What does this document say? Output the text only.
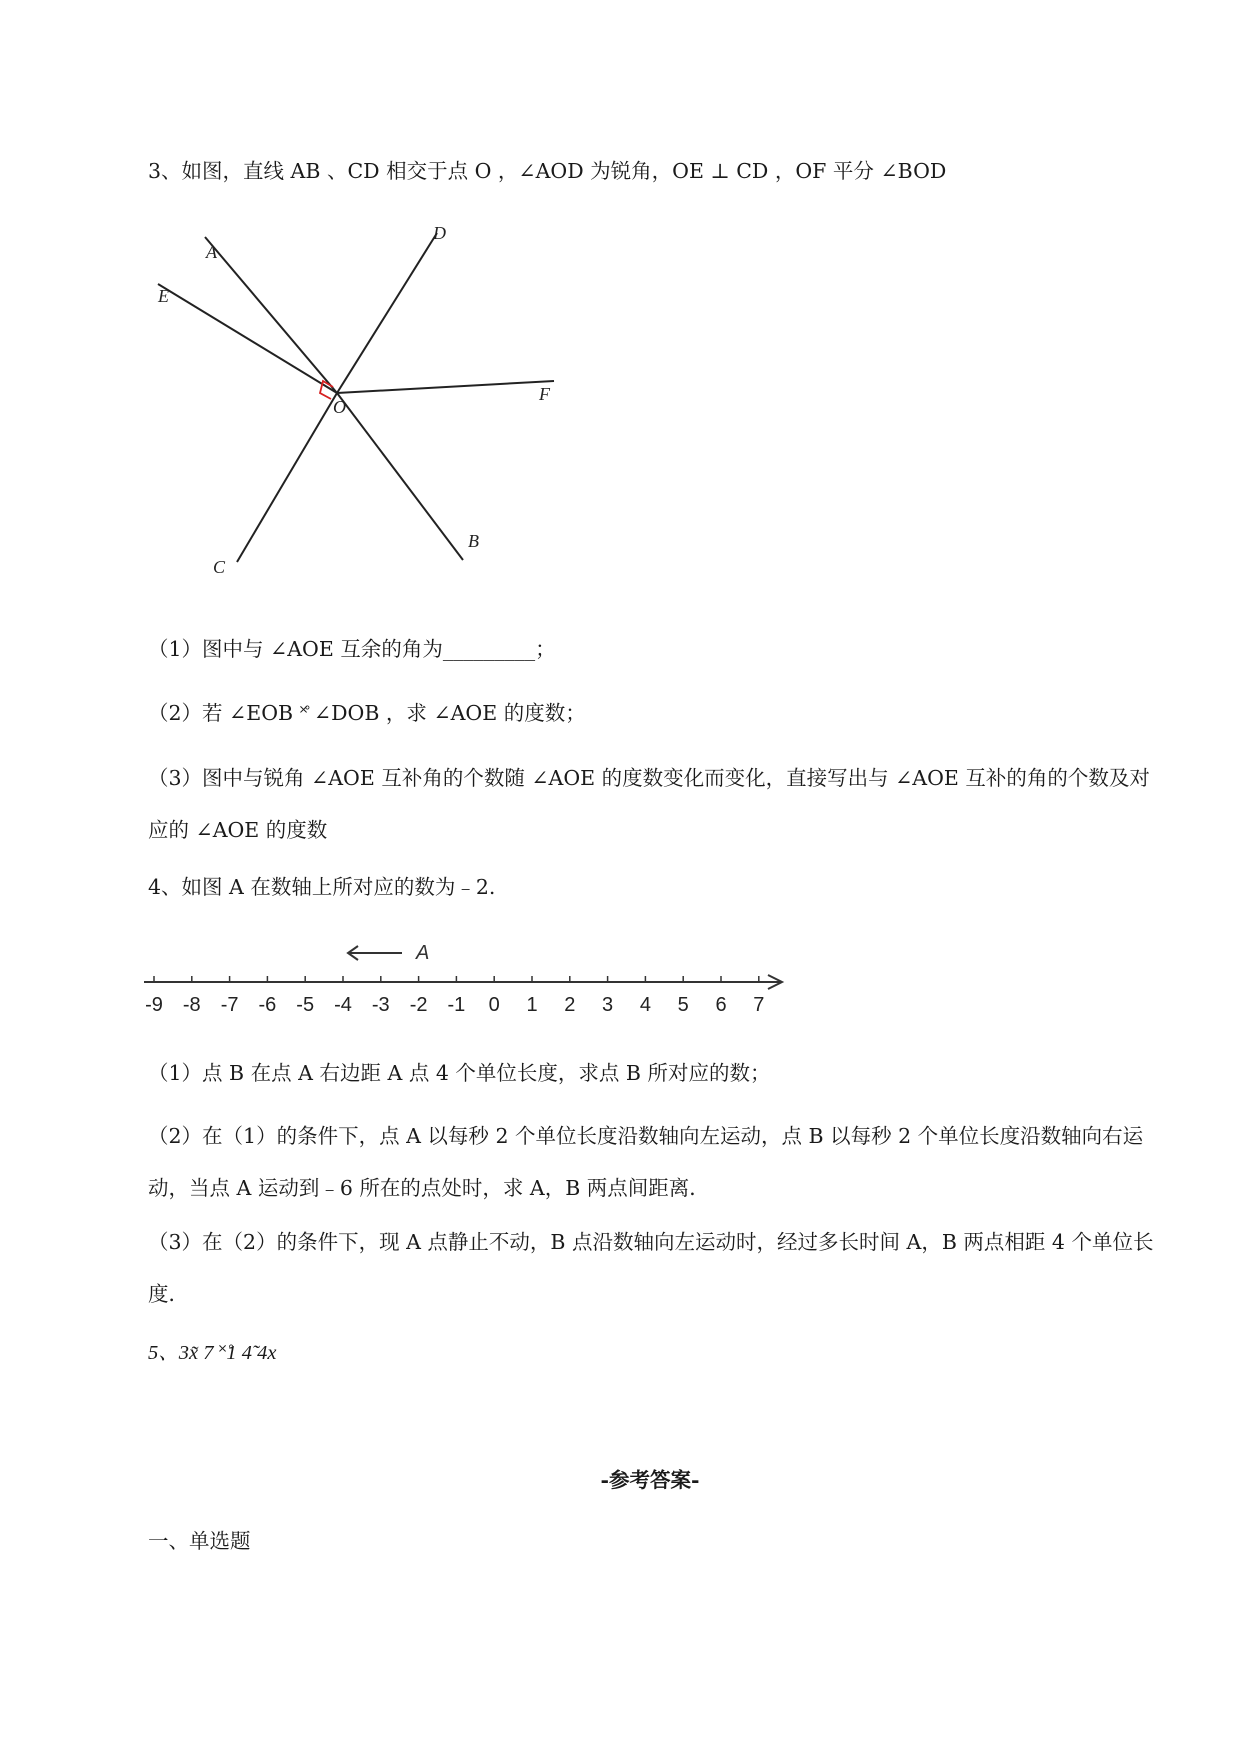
3、如图，直线 AB 、CD 相交于点 O ，∠AOD 为锐角，OE ⊥ CD ，OF 平分 ∠BOD
A
E
D
F
O
B
C
（1）图中与 ∠AOE 互余的角为_________；
（2）若 ∠EOB ˟̊ ∠DOB ，求 ∠AOE 的度数；
（3）图中与锐角 ∠AOE 互补角的个数随 ∠AOE 的度数变化而变化，直接写出与 ∠AOE 互补的角的个数及对应的 ∠AOE 的度数
4、如图 A 在数轴上所对应的数为﹣2.
A
-9 -8 -7 -6 -5 -4 -3 -2 -1 0 1 2 3 4 5 6 7
（1）点 B 在点 A 右边距 A 点 4 个单位长度，求点 B 所对应的数；
（2）在（1）的条件下，点 A 以每秒 2 个单位长度沿数轴向左运动，点 B 以每秒 2 个单位长度沿数轴向右运动，当点 A 运动到﹣6 所在的点处时，求 A，B 两点间距离．
（3）在（2）的条件下，现 A 点静止不动，B 点沿数轴向左运动时，经过多长时间 A，B 两点相距 4 个单位长度．
5、3x̃ 7 ˟̊1 4̃ 4x
-参考答案-
一、单选题
